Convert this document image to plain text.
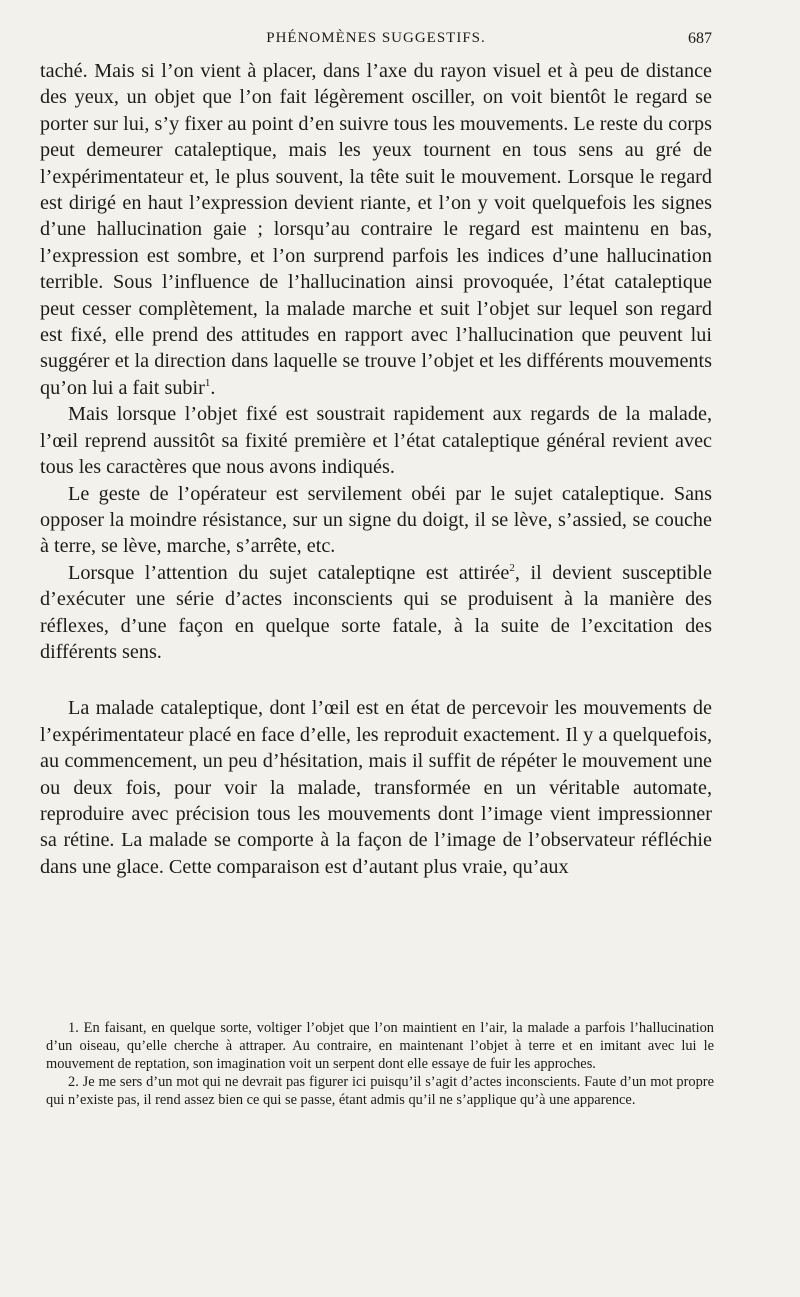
PHÉNOMÈNES SUGGESTIFS.	687

taché. Mais si l’on vient à placer, dans l’axe du rayon visuel et à peu de distance des yeux, un objet que l’on fait légèrement osciller, on voit bientôt le regard se porter sur lui, s’y fixer au point d’en suivre tous les mouvements. Le reste du corps peut demeurer cataleptique, mais les yeux tournent en tous sens au gré de l’expérimentateur et, le plus souvent, la tête suit le mouvement. Lorsque le regard est dirigé en haut l’expression devient riante, et l’on y voit quelquefois les signes d’une hallucination gaie ; lorsqu’au contraire le regard est maintenu en bas, l’expression est sombre, et l’on surprend parfois les indices d’une hallucination terrible. Sous l’influence de l’hallucination ainsi provoquée, l’état cataleptique peut cesser complètement, la malade marche et suit l’objet sur lequel son regard est fixé, elle prend des attitudes en rapport avec l’hallucination que peuvent lui suggérer et la direction dans laquelle se trouve l’objet et les différents mouvements qu’on lui a fait subir$^1$.

Mais lorsque l’objet fixé est soustrait rapidement aux regards de la malade, l’œil reprend aussitôt sa fixité première et l’état cataleptique général revient avec tous les caractères que nous avons indiqués.

Le geste de l’opérateur est servilement obéi par le sujet cataleptique. Sans opposer la moindre résistance, sur un signe du doigt, il se lève, s’assied, se couche à terre, se lève, marche, s’arrête, etc.

Lorsque l’attention du sujet cataleptiqne est attirée$^2$, il devient susceptible d’exécuter une série d’actes inconscients qui se produisent à la manière des réflexes, d’une façon en quelque sorte fatale, à la suite de l’excitation des différents sens.

La malade cataleptique, dont l’œil est en état de percevoir les mouvements de l’expérimentateur placé en face d’elle, les reproduit exactement. Il y a quelquefois, au commencement, un peu d’hésitation, mais il suffit de répéter le mouvement une ou deux fois, pour voir la malade, transformée en un véritable automate, reproduire avec précision tous les mouvements dont l’image vient impressionner sa rétine. La malade se comporte à la façon de l’image de l’observateur réfléchie dans une glace. Cette comparaison est d’autant plus vraie, qu’aux

1. En faisant, en quelque sorte, voltiger l’objet que l’on maintient en l’air, la malade a parfois l’hallucination d’un oiseau, qu’elle cherche à attraper. Au contraire, en maintenant l’objet à terre et en imitant avec lui le mouvement de reptation, son imagination voit un serpent dont elle essaye de fuir les approches.

2. Je me sers d’un mot qui ne devrait pas figurer ici puisqu’il s’agit d’actes inconscients. Faute d’un mot propre qui n’existe pas, il rend assez bien ce qui se passe, étant admis qu’il ne s’applique qu’à une apparence.
